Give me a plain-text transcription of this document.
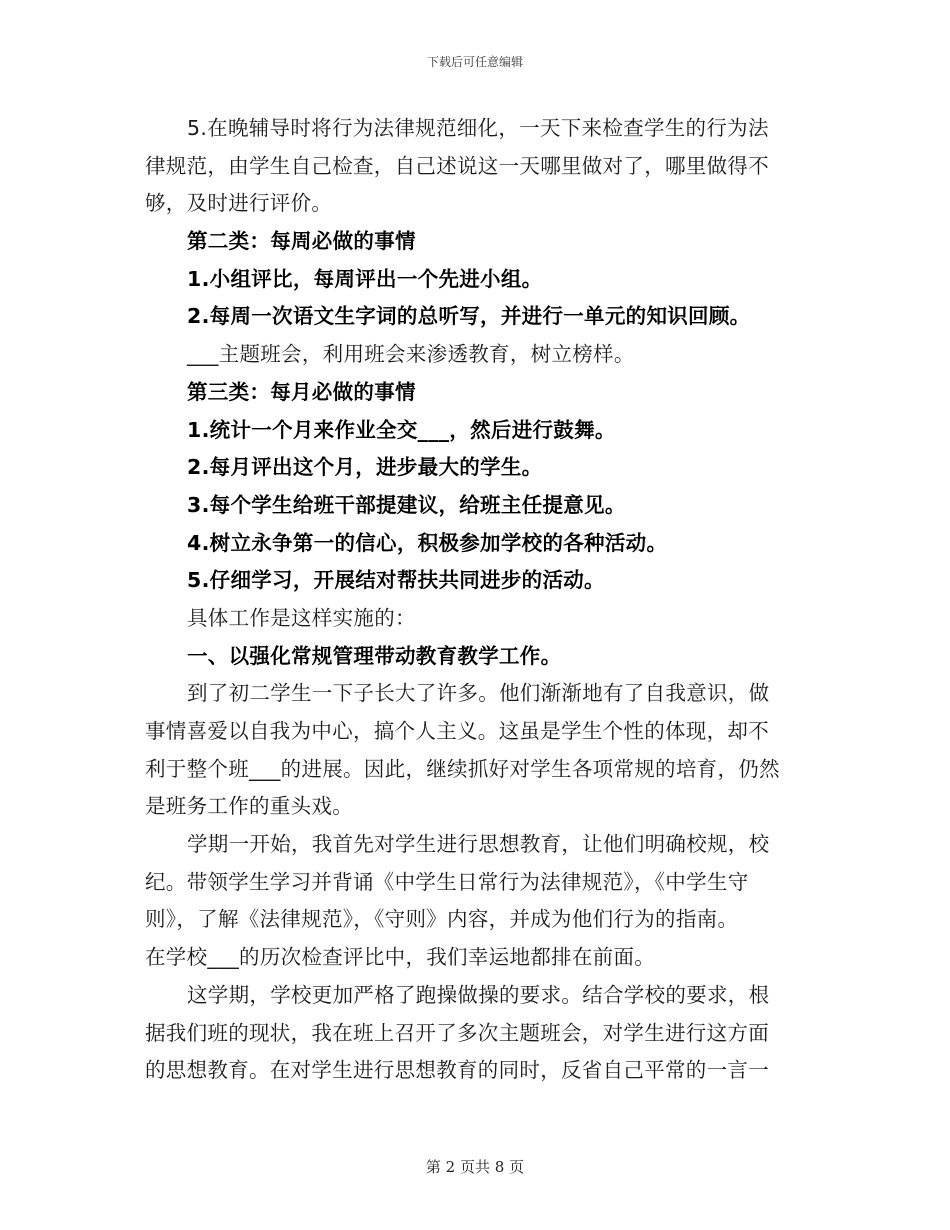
下载后可任意编辑
5.在晚辅导时将行为法律规范细化，一天下来检查学生的行为法
律规范，由学生自己检查，自己述说这一天哪里做对了，哪里做得不
够，及时进行评价。
第二类：每周必做的事情
1.小组评比，每周评出一个先进小组。
2.每周一次语文生字词的总听写，并进行一单元的知识回顾。
___主题班会，利用班会来渗透教育，树立榜样。
第三类：每月必做的事情
1.统计一个月来作业全交___，然后进行鼓舞。
2.每月评出这个月，进步最大的学生。
3.每个学生给班干部提建议，给班主任提意见。
4.树立永争第一的信心，积极参加学校的各种活动。
5.仔细学习，开展结对帮扶共同进步的活动。
具体工作是这样实施的：
一、以强化常规管理带动教育教学工作。
到了初二学生一下子长大了许多。他们渐渐地有了自我意识，做
事情喜爱以自我为中心，搞个人主义。这虽是学生个性的体现，却不
利于整个班___的进展。因此，继续抓好对学生各项常规的培育，仍然
是班务工作的重头戏。
学期一开始，我首先对学生进行思想教育，让他们明确校规，校
纪。带领学生学习并背诵《中学生日常行为法律规范》，《中学生守
则》，了解《法律规范》，《守则》内容，并成为他们行为的指南。
在学校___的历次检查评比中，我们幸运地都排在前面。
这学期，学校更加严格了跑操做操的要求。结合学校的要求，根
据我们班的现状，我在班上召开了多次主题班会，对学生进行这方面
的思想教育。在对学生进行思想教育的同时，反省自己平常的一言一
第 2 页共 8 页
